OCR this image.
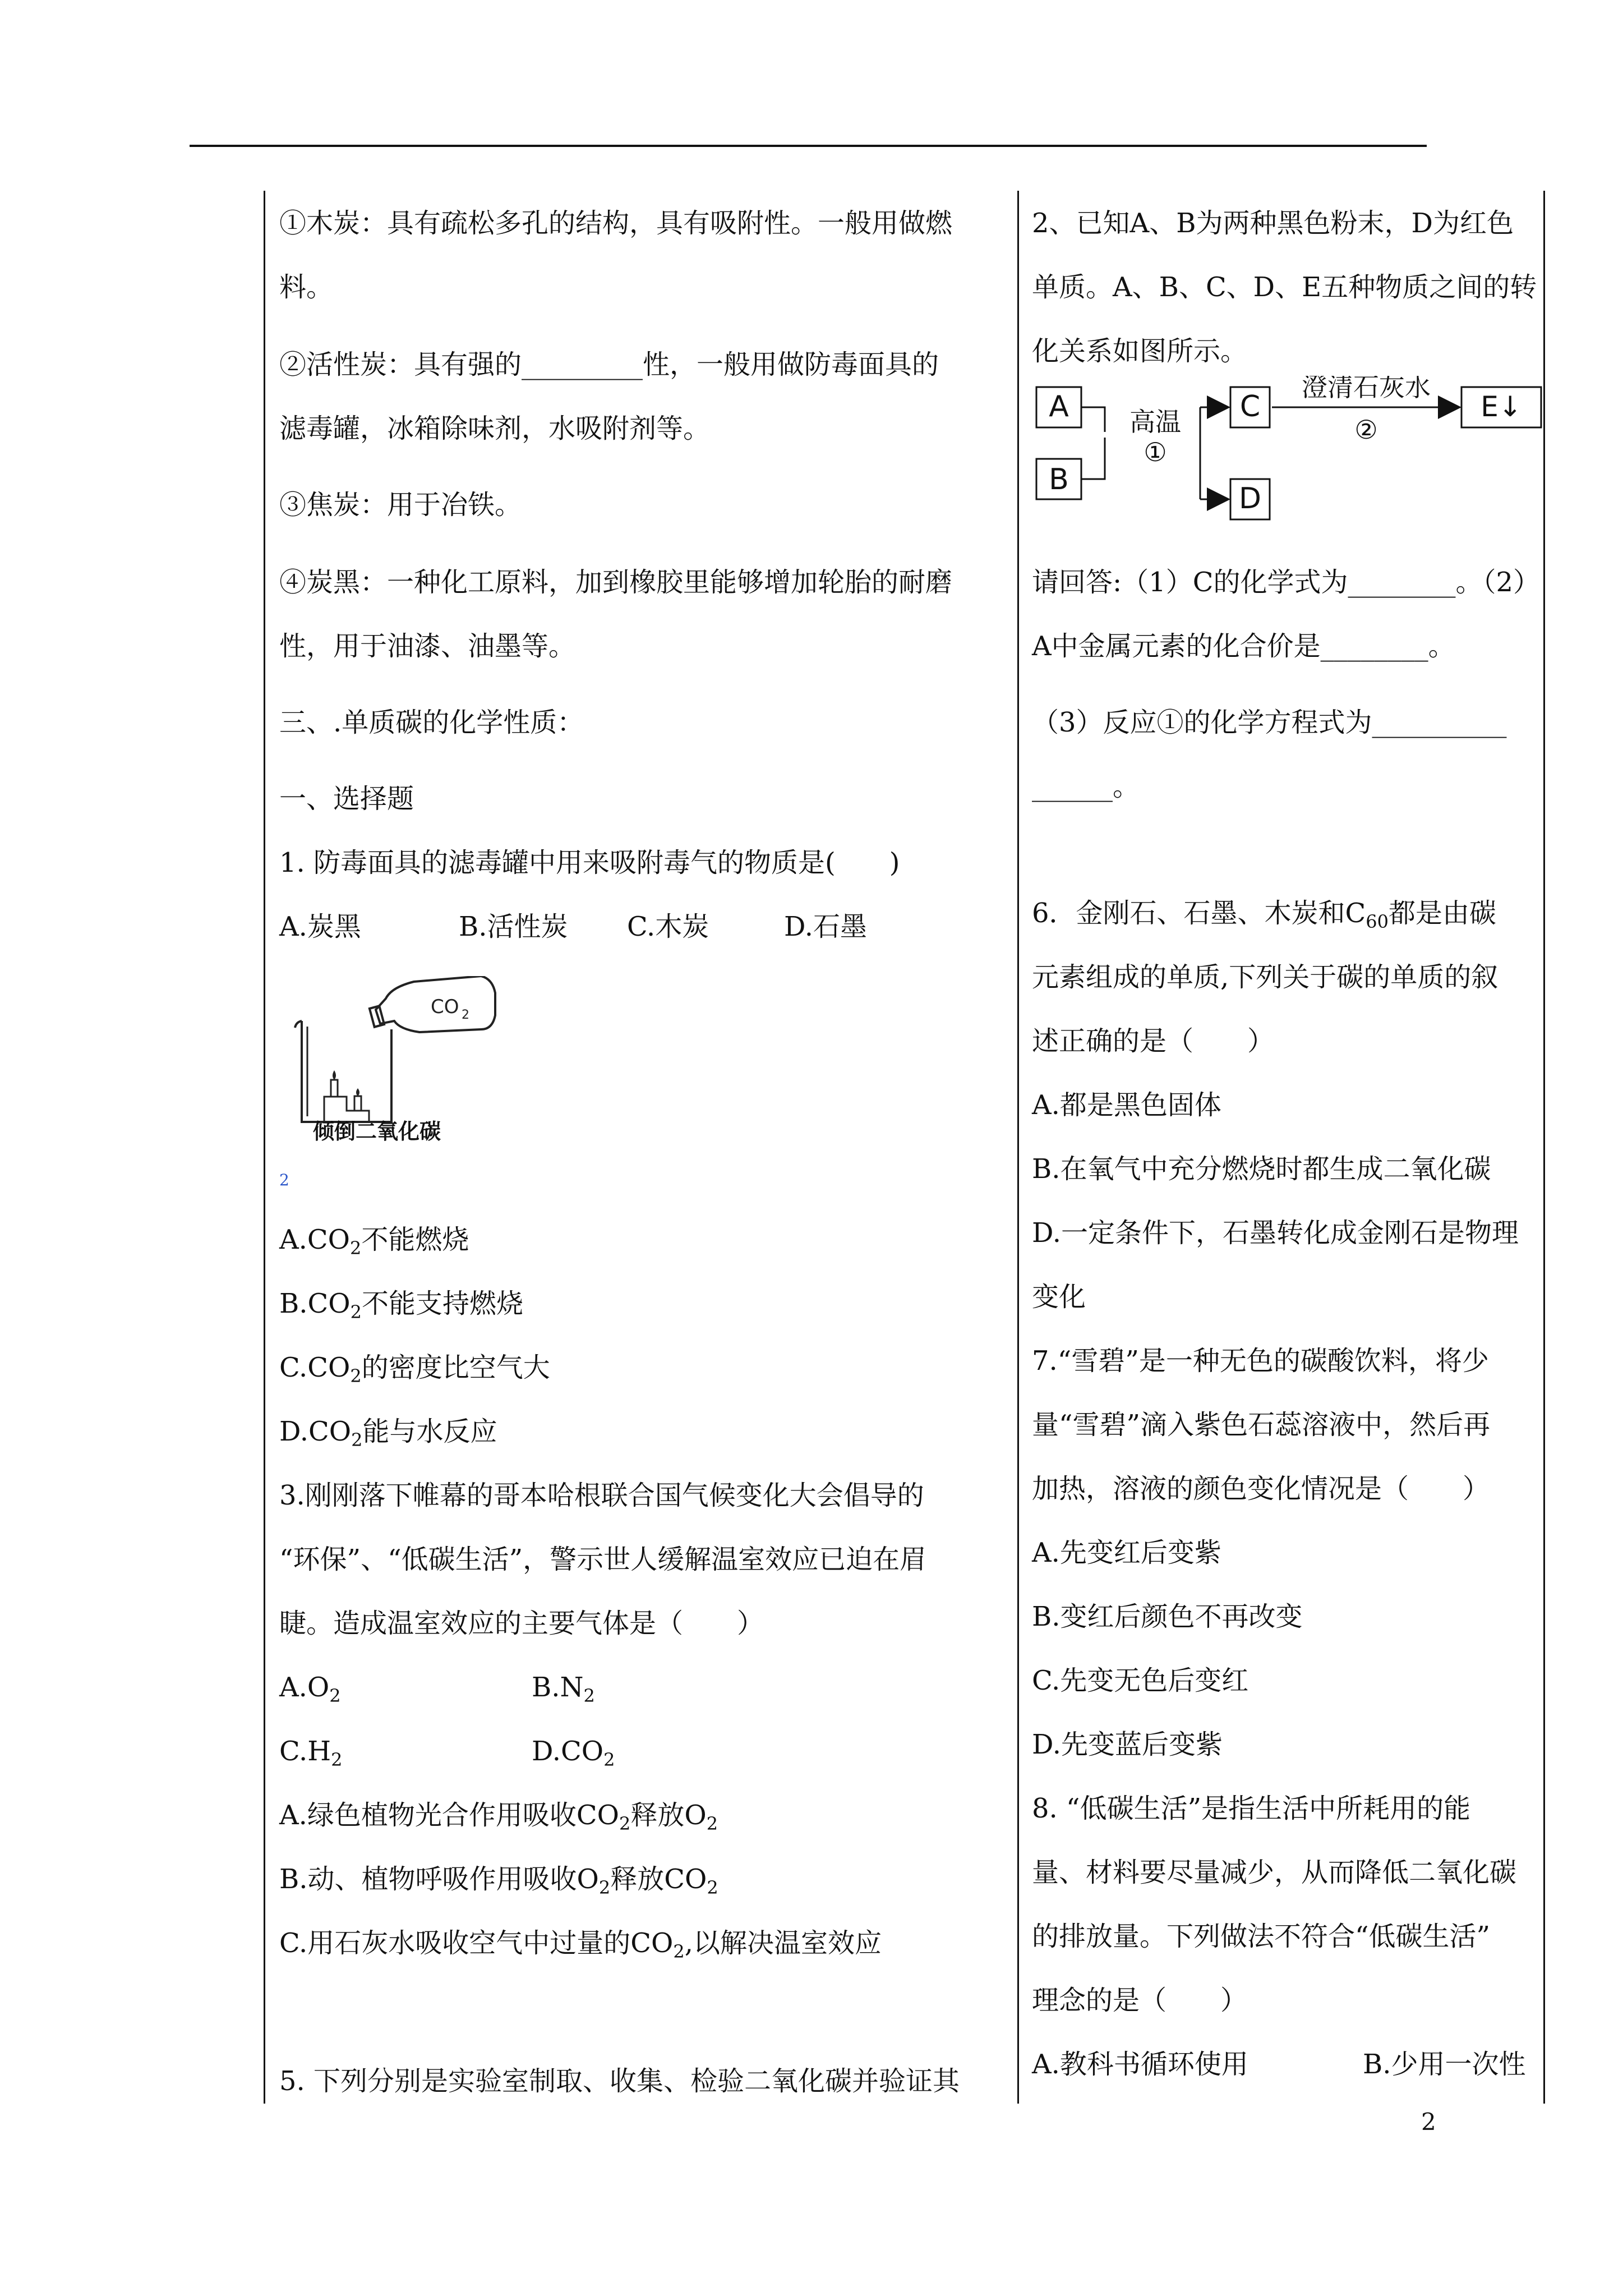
①木炭：具有疏松多孔的结构，具有吸附性。一般用做燃
料。
②活性炭：具有强的_________性，一般用做防毒面具的
滤毒罐，冰箱除味剂，水吸附剂等。
③焦炭：用于冶铁。
④炭黑：一种化工原料，加到橡胶里能够增加轮胎的耐磨
性，用于油漆、油墨等。
三、.单质碳的化学性质：
一、选择题
1. 防毒面具的滤毒罐中用来吸附毒气的物质是(　　)
A.炭黑	B.活性炭 C.木炭	D.石墨
CO 2
倾倒二氧化碳
2
$A.CO_2$不能燃烧
$B.CO_2$不能支持燃烧
$C.CO_2$的密度比空气大
$D.CO_2$能与水反应
3.刚刚落下帷幕的哥本哈根联合国气候变化大会倡导的
“环保”、“低碳生活”，警示世人缓解温室效应已迫在眉
睫。造成温室效应的主要气体是（　　）
$A.O_2$	$B.N_2$
$C.H_2$	$D.CO_2$
A.绿色植物光合作用吸收$CO_2$释放$O_2$
B.动、植物呼吸作用吸收$O_2$释放$CO_2$
C.用石灰水吸收空气中过量的$CO_2$,以解决温室效应
5. 下列分别是实验室制取、收集、检验二氧化碳并验证其
2、已知A、B为两种黑色粉末，D为红色
单质。A、B、C、D、E五种物质之间的转
化关系如图所示。
A
B
高温
①
C
D
澄清石灰水
②
E↓
请回答:（1）C的化学式为________。（2）
A中金属元素的化合价是________。
（3）反应①的化学方程式为__________
______。
6．金刚石、石墨、木炭和$C_{60}$都是由碳
元素组成的单质,下列关于碳的单质的叙
述正确的是（　　）
A.都是黑色固体
B.在氧气中充分燃烧时都生成二氧化碳
D.一定条件下，石墨转化成金刚石是物理
变化
7.“雪碧”是一种无色的碳酸饮料，将少
量“雪碧”滴入紫色石蕊溶液中，然后再
加热，溶液的颜色变化情况是（　　）
A.先变红后变紫
B.变红后颜色不再改变
C.先变无色后变红
D.先变蓝后变紫
8. “低碳生活”是指生活中所耗用的能
量、材料要尽量减少，从而降低二氧化碳
的排放量。下列做法不符合“低碳生活”
理念的是（　　）
A.教科书循环使用	B.少用一次性
2
